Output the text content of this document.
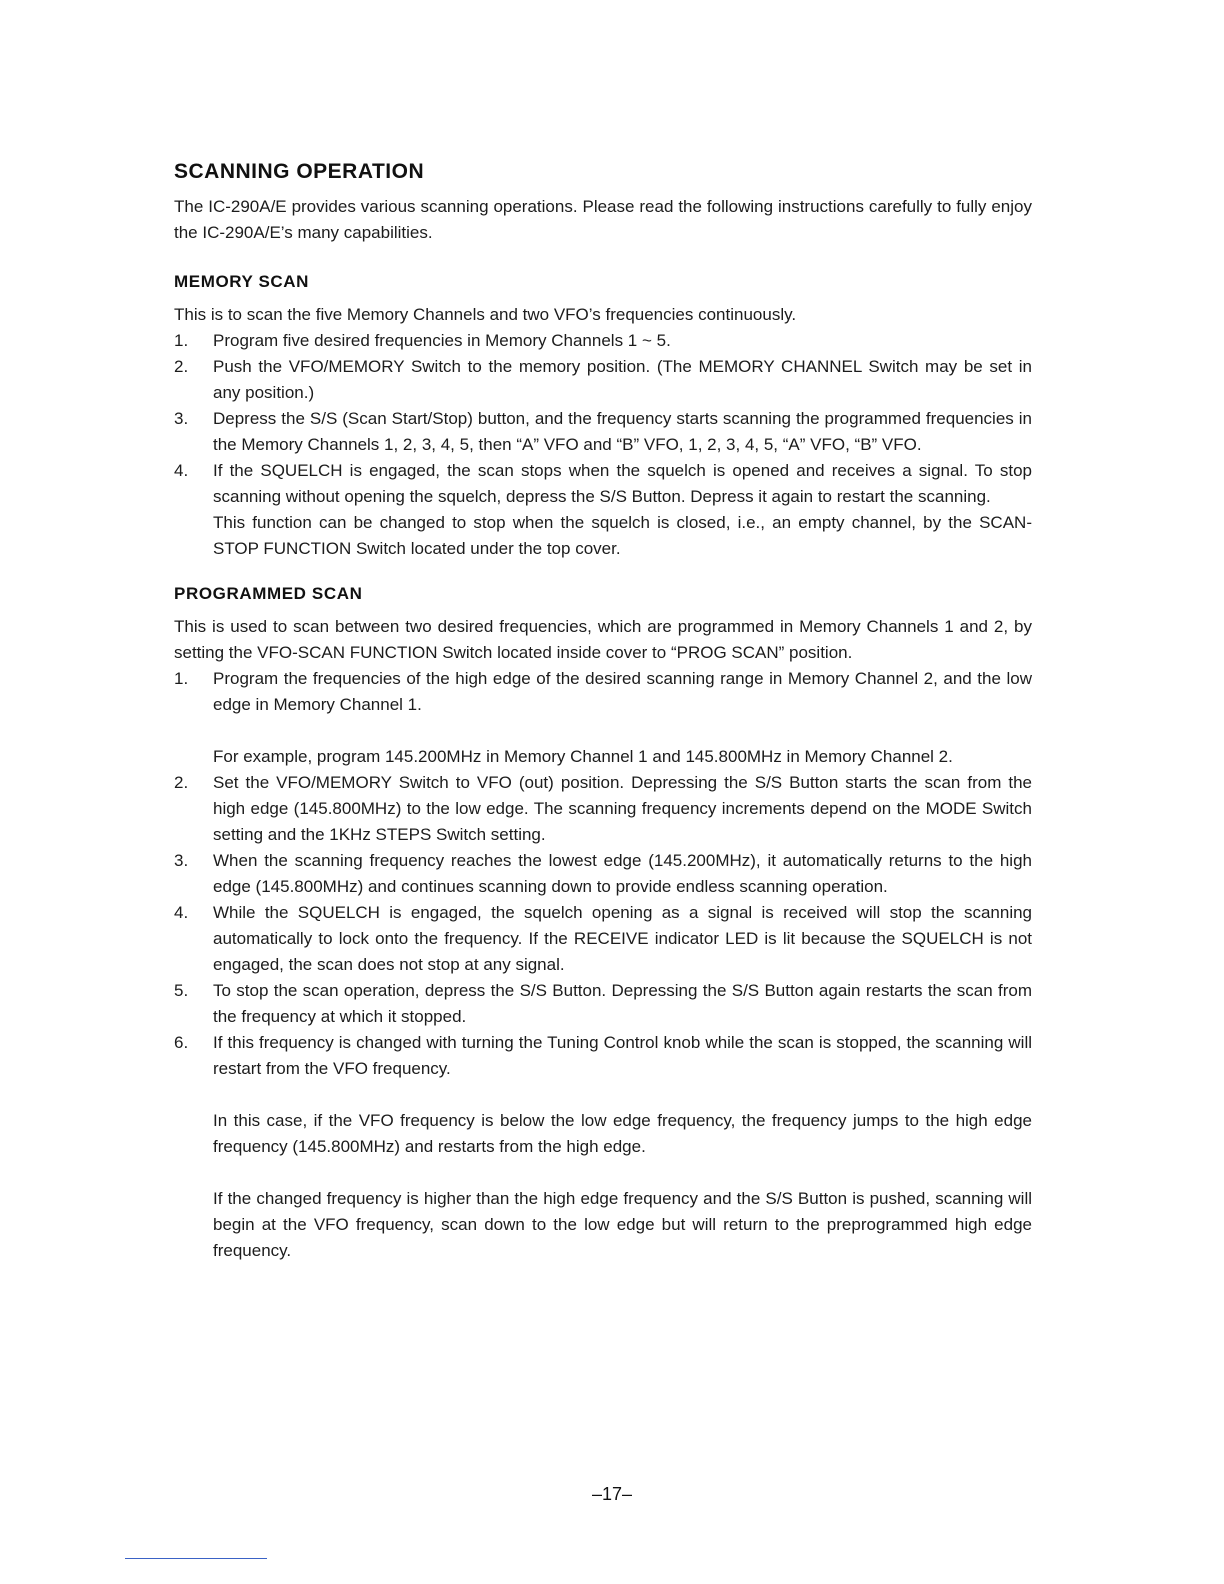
SCANNING OPERATION

The IC-290A/E provides various scanning operations. Please read the following instructions carefully to fully enjoy the IC-290A/E’s many capabilities.

MEMORY SCAN

This is to scan the five Memory Channels and two VFO’s frequencies continuously.

1.	Program five desired frequencies in Memory Channels 1 ~ 5.

2.	Push the VFO/MEMORY Switch to the memory position. (The MEMORY CHANNEL Switch may be set in any position.)

3.	Depress the S/S (Scan Start/Stop) button, and the frequency starts scanning the programmed frequencies in the Memory Channels 1, 2, 3, 4, 5, then “A” VFO and “B” VFO, 1, 2, 3, 4, 5, “A” VFO, “B” VFO.

4.	If the SQUELCH is engaged, the scan stops when the squelch is opened and receives a signal. To stop scanning without opening the squelch, depress the S/S Button. Depress it again to restart the scanning.

This function can be changed to stop when the squelch is closed, i.e., an empty channel, by the SCAN-STOP FUNCTION Switch located under the top cover.

PROGRAMMED SCAN

This is used to scan between two desired frequencies, which are programmed in Memory Channels 1 and 2, by setting the VFO-SCAN FUNCTION Switch located inside cover to “PROG SCAN” position.

1.	Program the frequencies of the high edge of the desired scanning range in Memory Channel 2, and the low edge in Memory Channel 1.

For example, program 145.200MHz in Memory Channel 1 and 145.800MHz in Memory Channel 2.

2.	Set the VFO/MEMORY Switch to VFO (out) position. Depressing the S/S Button starts the scan from the high edge (145.800MHz) to the low edge. The scanning frequency increments depend on the MODE Switch setting and the 1KHz STEPS Switch setting.

3.	When the scanning frequency reaches the lowest edge (145.200MHz), it automatically returns to the high edge (145.800MHz) and continues scanning down to provide endless scanning operation.

4.	While the SQUELCH is engaged, the squelch opening as a signal is received will stop the scanning automatically to lock onto the frequency. If the RECEIVE indicator LED is lit because the SQUELCH is not engaged, the scan does not stop at any signal.

5.	To stop the scan operation, depress the S/S Button. Depressing the S/S Button again restarts the scan from the frequency at which it stopped.

6.	If this frequency is changed with turning the Tuning Control knob while the scan is stopped, the scanning will restart from the VFO frequency.

In this case, if the VFO frequency is below the low edge frequency, the frequency jumps to the high edge frequency (145.800MHz) and restarts from the high edge.

If the changed frequency is higher than the high edge frequency and the S/S Button is pushed, scanning will begin at the VFO frequency, scan down to the low edge but will return to the preprogrammed high edge frequency.

–17–
